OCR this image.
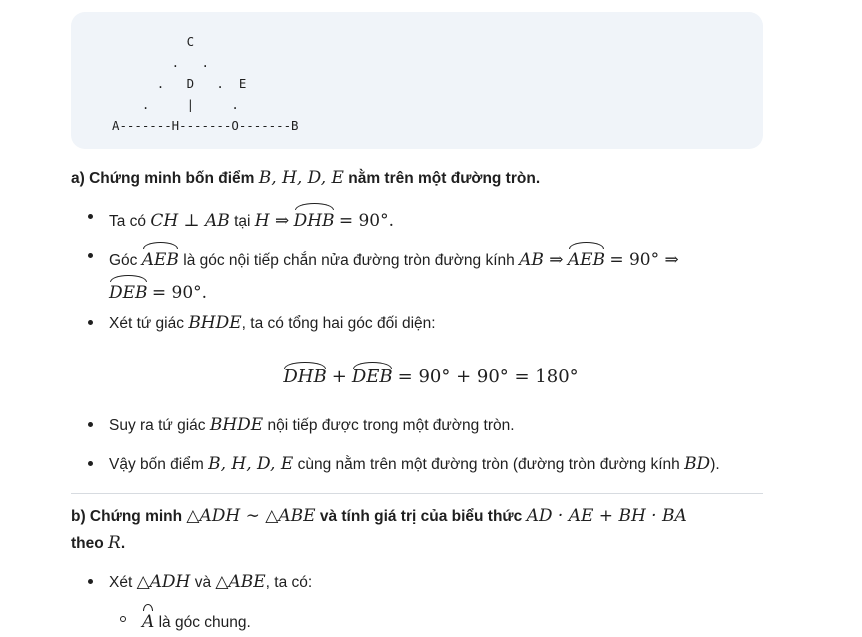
C
.   .
.   D   .  E
.     |     .
A-------H-------O-------B
a) Chứng minh bốn điểm B, H, D, E nằm trên một đường tròn.
Ta có CH ⊥ AB tại H ⇒ DHB = 90°.
Góc AEB là góc nội tiếp chắn nửa đường tròn đường kính AB ⇒ AEB = 90° ⇒
DEB = 90°.
Xét tứ giác BHDE, ta có tổng hai góc đối diện:
DHB + DEB = 90° + 90° = 180°
Suy ra tứ giác BHDE nội tiếp được trong một đường tròn.
Vậy bốn điểm B, H, D, E cùng nằm trên một đường tròn (đường tròn đường kính BD).
b) Chứng minh △ADH ∼ △ABE và tính giá trị của biểu thức AD · AE + BH · BA
theo R.
Xét △ADH và △ABE, ta có:
A là góc chung.
